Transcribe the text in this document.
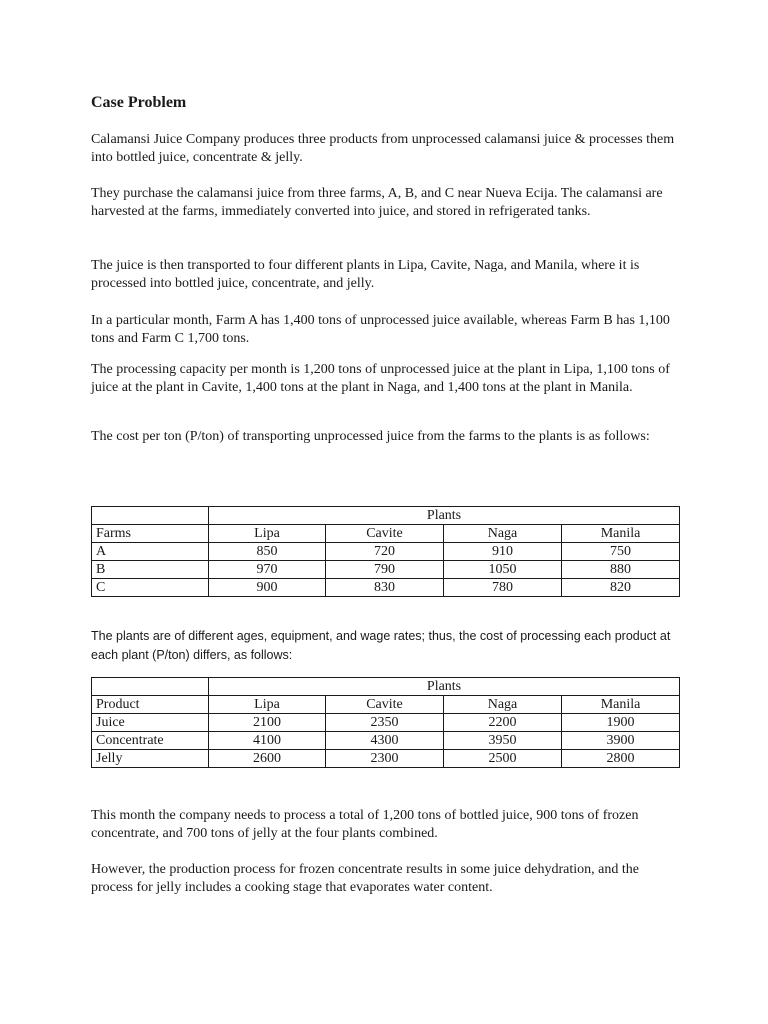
Case Problem

Calamansi Juice Company produces three products from unprocessed calamansi juice & processes them into bottled juice, concentrate & jelly.

They purchase the calamansi juice from three farms, A, B, and C near Nueva Ecija. The calamansi are harvested at the farms, immediately converted into juice, and stored in refrigerated tanks.

The juice is then transported to four different plants in Lipa, Cavite, Naga, and Manila, where it is processed into bottled juice, concentrate, and jelly.

In a particular month, Farm A has 1,400 tons of unprocessed juice available, whereas Farm B has 1,100 tons and Farm C 1,700 tons.

The processing capacity per month is 1,200 tons of unprocessed juice at the plant in Lipa, 1,100 tons of juice at the plant in Cavite, 1,400 tons at the plant in Naga, and 1,400 tons at the plant in Manila.

The cost per ton (P/ton) of transporting unprocessed juice from the farms to the plants is as follows:

	Plants			
Farms	Lipa	Cavite	Naga	Manila
A	850	720	910	750
B	970	790	1050	880
C	900	830	780	820

The plants are of different ages, equipment, and wage rates; thus, the cost of processing each product at each plant (P/ton) differs, as follows:

	Plants			
Product	Lipa	Cavite	Naga	Manila
Juice	2100	2350	2200	1900
Concentrate	4100	4300	3950	3900
Jelly	2600	2300	2500	2800

This month the company needs to process a total of 1,200 tons of bottled juice, 900 tons of frozen concentrate, and 700 tons of jelly at the four plants combined.

However, the production process for frozen concentrate results in some juice dehydration, and the process for jelly includes a cooking stage that evaporates water content.
